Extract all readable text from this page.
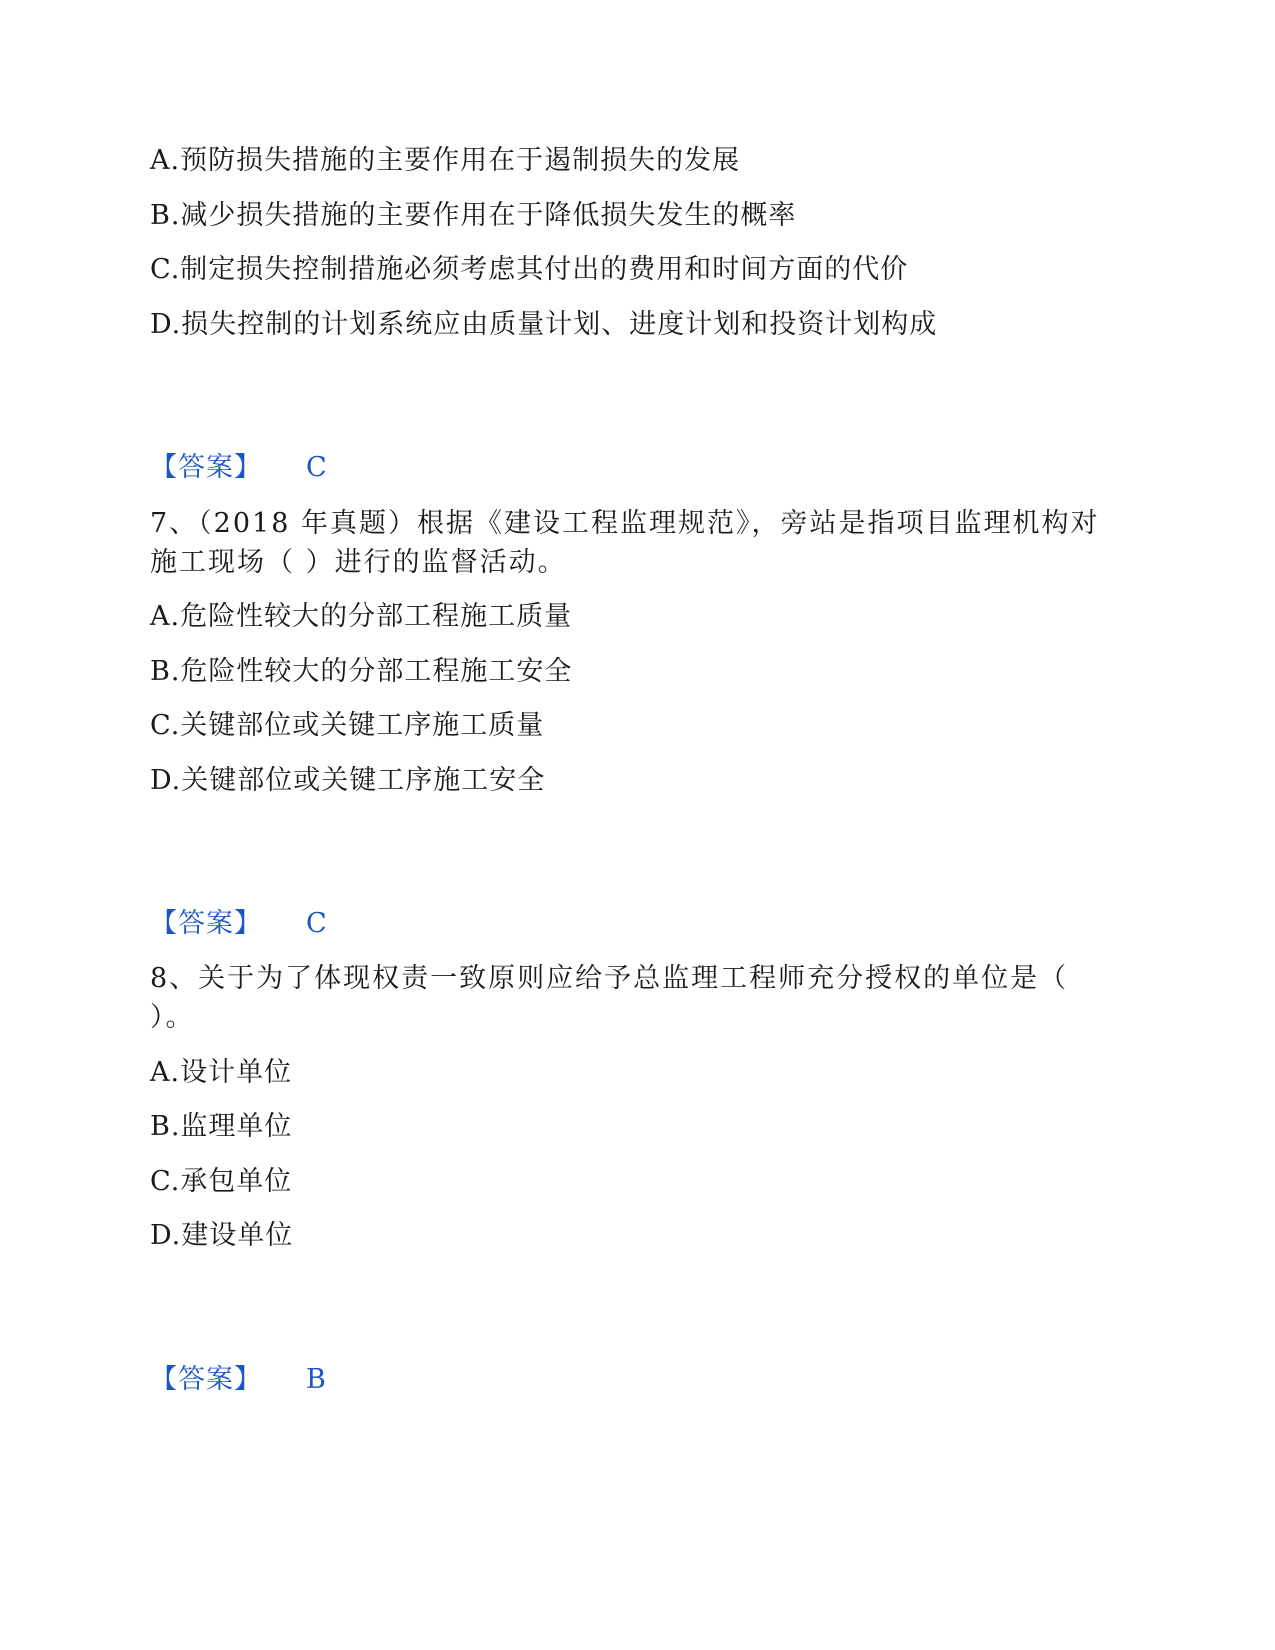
A.预防损失措施的主要作用在于遏制损失的发展
B.减少损失措施的主要作用在于降低损失发生的概率
C.制定损失控制措施必须考虑其付出的费用和时间方面的代价
D.损失控制的计划系统应由质量计划、进度计划和投资计划构成
【答案】 C
7、（2018 年真题）根据《建设工程监理规范》，旁站是指项目监理机构对
施工现场（ ）进行的监督活动。
A.危险性较大的分部工程施工质量
B.危险性较大的分部工程施工安全
C.关键部位或关键工序施工质量
D.关键部位或关键工序施工安全
【答案】 C
8、关于为了体现权责一致原则应给予总监理工程师充分授权的单位是（
）。
A.设计单位
B.监理单位
C.承包单位
D.建设单位
【答案】 B
